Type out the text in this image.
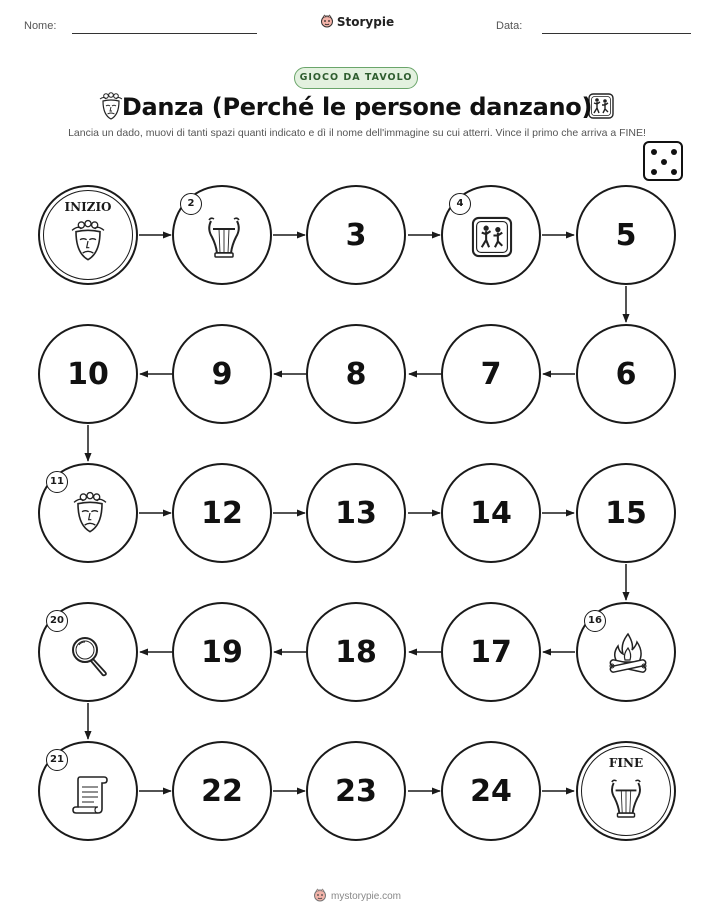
Nome:	Data:
Storypie
GIOCO DA TAVOLO
Danza (Perché le persone danzano)
Lancia un dado, muovi di tanti spazi quanti indicato e dì il nome dell'immagine su cui atterri. Vince il primo che arriva a FINE!
INIZIO	2
3
4
5
6
7
8
9
10
11
12	13	14	15
16
17
18
19
20
21
22	23	24
FINE
mystorypie.com
